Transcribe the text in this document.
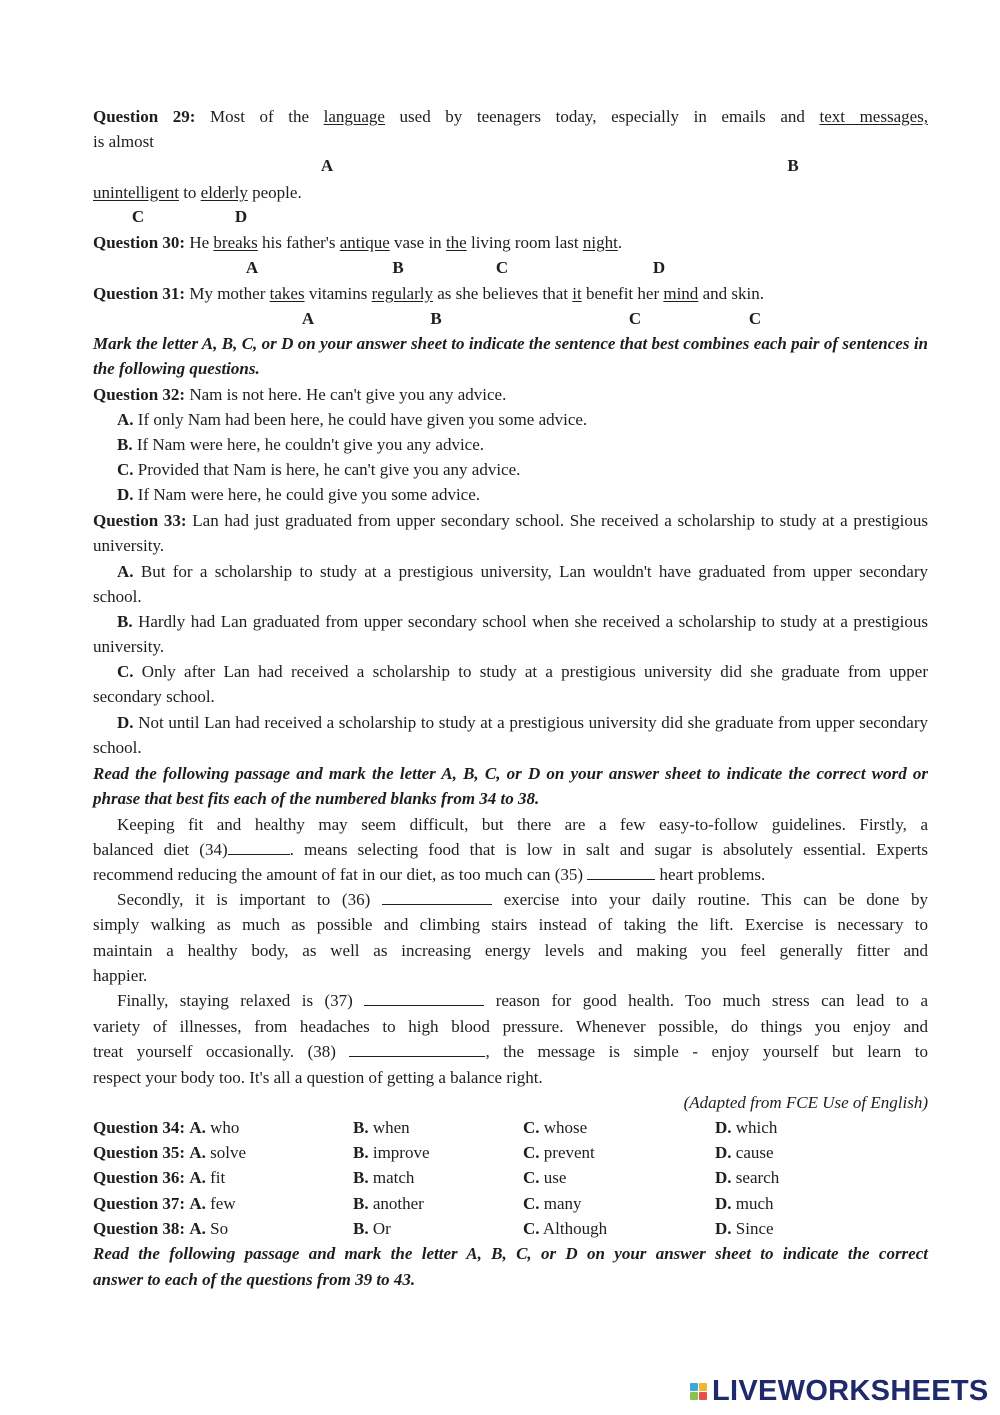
Question 29: Most of the language used by teenagers today, especially in emails and text messages,
is almost
A	B
unintelligent to elderly people.
C	D
Question 30: He breaks his father's antique vase in the living room last night.
A	B	C	D
Question 31: My mother takes vitamins regularly as she believes that it benefit her mind and skin.
A	B	C	C
Mark the letter A, B, C, or D on your answer sheet to indicate the sentence that best combines each pair of sentences in the following questions.
Question 32: Nam is not here. He can't give you any advice.
A. If only Nam had been here, he could have given you some advice.
B. If Nam were here, he couldn't give you any advice.
C. Provided that Nam is here, he can't give you any advice.
D. If Nam were here, he could give you some advice.
Question 33: Lan had just graduated from upper secondary school. She received a scholarship to study at a prestigious university.
A. But for a scholarship to study at a prestigious university, Lan wouldn't have graduated from upper secondary school.
B. Hardly had Lan graduated from upper secondary school when she received a scholarship to study at a prestigious university.
C. Only after Lan had received a scholarship to study at a prestigious university did she graduate from upper secondary school.
D. Not until Lan had received a scholarship to study at a prestigious university did she graduate from upper secondary school.
Read the following passage and mark the letter A, B, C, or D on your answer sheet to indicate the correct word or phrase that best fits each of the numbered blanks from 34 to 38.
Keeping fit and healthy may seem difficult, but there are a few easy-to-follow guidelines. Firstly, a
balanced diet (34)	. means selecting food that is low in salt and sugar is absolutely essential. Experts
recommend reducing the amount of fat in our diet, as too much can (35)	heart problems.
Secondly, it is important to (36)	exercise into your daily routine. This can be done by
simply walking as much as possible and climbing stairs instead of taking the lift. Exercise is necessary to
maintain a healthy body, as well as increasing energy levels and making you feel generally fitter and
happier.
Finally, staying relaxed is (37)	reason for good health. Too much stress can lead to a
variety of illnesses, from headaches to high blood pressure. Whenever possible, do things you enjoy and
treat yourself occasionally. (38)	, the message is simple - enjoy yourself but learn to
respect your body too. It's all a question of getting a balance right.
(Adapted from FCE Use of English)
Question 34: A. who	B. when	C. whose	D. which
Question 35: A. solve	B. improve	C. prevent	D. cause
Question 36: A. fit	B. match	C. use	D. search
Question 37: A. few	B. another	C. many	D. much
Question 38: A. So	B. Or	C. Although	D. Since
Read the following passage and mark the letter A, B, C, or D on your answer sheet to indicate the correct
answer to each of the questions from 39 to 43.
LIVEWORKSHEETS
